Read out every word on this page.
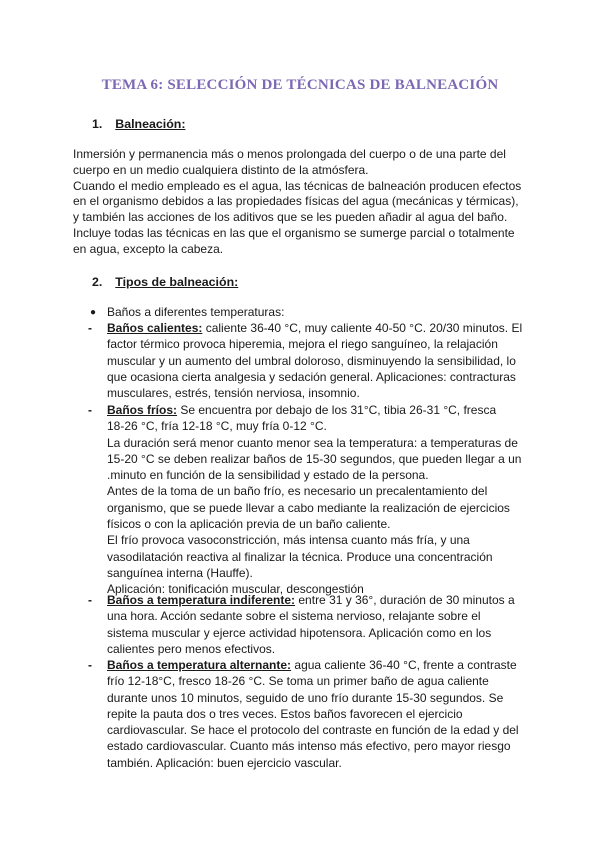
TEMA 6: SELECCIÓN DE TÉCNICAS DE BALNEACIÓN
1. Balneación:

Inmersión y permanencia más o menos prolongada del cuerpo o de una parte del
cuerpo en un medio cualquiera distinto de la atmósfera.
Cuando el medio empleado es el agua, las técnicas de balneación producen efectos
en el organismo debidos a las propiedades físicas del agua (mecánicas y térmicas),
y también las acciones de los aditivos que se les pueden añadir al agua del baño.
Incluye todas las técnicas en las que el organismo se sumerge parcial o totalmente
en agua, excepto la cabeza.

2. Tipos de balneación:
● Baños a diferentes temperaturas:

- Baños calientes: caliente 36-40 °C, muy caliente 40-50 °C. 20/30 minutos. El
factor térmico provoca hiperemia, mejora el riego sanguíneo, la relajación
muscular y un aumento del umbral doloroso, disminuyendo la sensibilidad, lo
que ocasiona cierta analgesia y sedación general. Aplicaciones: contracturas
musculares, estrés, tensión nerviosa, insomnio.

- Baños fríos: Se encuentra por debajo de los 31°C, tibia 26-31 °C, fresca
18-26 °C, fría 12-18 °C, muy fría 0-12 °C.
La duración será menor cuanto menor sea la temperatura: a temperaturas de
15-20 °C se deben realizar baños de 15-30 segundos, que pueden llegar a un
.minuto en función de la sensibilidad y estado de la persona.
Antes de la toma de un baño frío, es necesario un precalentamiento del
organismo, que se puede llevar a cabo mediante la realización de ejercicios
físicos o con la aplicación previa de un baño caliente.
El frío provoca vasoconstricción, más intensa cuanto más fría, y una
vasodilatación reactiva al finalizar la técnica. Produce una concentración
sanguínea interna (Hauffe).
Aplicación: tonificación muscular, descongestión

- Baños a temperatura indiferente: entre 31 y 36°, duración de 30 minutos a
una hora. Acción sedante sobre el sistema nervioso, relajante sobre el
sistema muscular y ejerce actividad hipotensora. Aplicación como en los
calientes pero menos efectivos.

- Baños a temperatura alternante: agua caliente 36-40 °C, frente a contraste
frío 12-18°C, fresco 18-26 °C. Se toma un primer baño de agua caliente
durante unos 10 minutos, seguido de uno frío durante 15-30 segundos. Se
repite la pauta dos o tres veces. Estos baños favorecen el ejercicio
cardiovascular. Se hace el protocolo del contraste en función de la edad y del
estado cardiovascular. Cuanto más intenso más efectivo, pero mayor riesgo
también. Aplicación: buen ejercicio vascular.
